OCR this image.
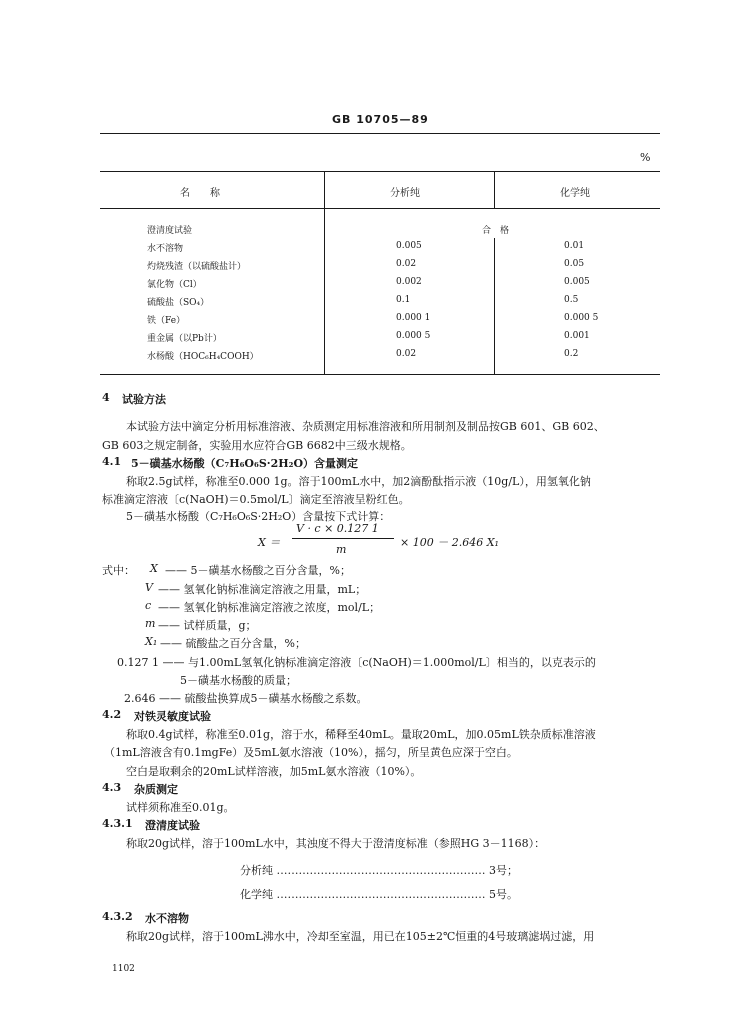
GB 10705—89
%
名　　称	分析纯	化学纯
澄清度试验	合　格
水不溶物	0.005	0.01
灼烧残渣（以硫酸盐计）	0.02	0.05
氯化物（Cl）	0.002	0.005
硫酸盐（SO₄）	0.1	0.5
铁（Fe）	0.000 1	0.000 5
重金属（以Pb计）	0.000 5	0.001
水杨酸（HOC₆H₄COOH）	0.02	0.2
4 试验方法
本试验方法中滴定分析用标准溶液、杂质测定用标准溶液和所用制剂及制品按GB 601、GB 602、
GB 603之规定制备，实验用水应符合GB 6682中三级水规格。
4.1 5－磺基水杨酸（C₇H₆O₆S·2H₂O）含量测定
称取2.5g试样，称准至0.000 1g。溶于100mL水中，加2滴酚酞指示液（10g/L），用氢氧化钠
标准滴定溶液〔c(NaOH)＝0.5mol/L〕滴定至溶液呈粉红色。
5－磺基水杨酸（C₇H₆O₆S·2H₂O）含量按下式计算：
X ＝
V · c × 0.127 1
m
× 100 － 2.646 X₁
式中： X —— 5－磺基水杨酸之百分含量，%；
V —— 氢氧化钠标准滴定溶液之用量，mL；
c —— 氢氧化钠标准滴定溶液之浓度，mol/L；
m —— 试样质量，g；
X₁ —— 硫酸盐之百分含量，%；
0.127 1 —— 与1.00mL氢氧化钠标准滴定溶液〔c(NaOH)＝1.000mol/L〕相当的，以克表示的
5－磺基水杨酸的质量；
2.646 —— 硫酸盐换算成5－磺基水杨酸之系数。
4.2 对铁灵敏度试验
称取0.4g试样，称准至0.01g，溶于水，稀释至40mL。量取20mL，加0.05mL铁杂质标准溶液
（1mL溶液含有0.1mgFe）及5mL氨水溶液（10%），摇匀，所呈黄色应深于空白。
空白是取剩余的20mL试样溶液，加5mL氨水溶液（10%）。
4.3 杂质测定
试样须称准至0.01g。
4.3.1 澄清度试验
称取20g试样，溶于100mL水中，其浊度不得大于澄清度标准（参照HG 3－1168）：
分析纯 ………………………………………………… 3号；
化学纯 ………………………………………………… 5号。
4.3.2 水不溶物
称取20g试样，溶于100mL沸水中，冷却至室温，用已在105±2℃恒重的4号玻璃滤埚过滤，用
1102
